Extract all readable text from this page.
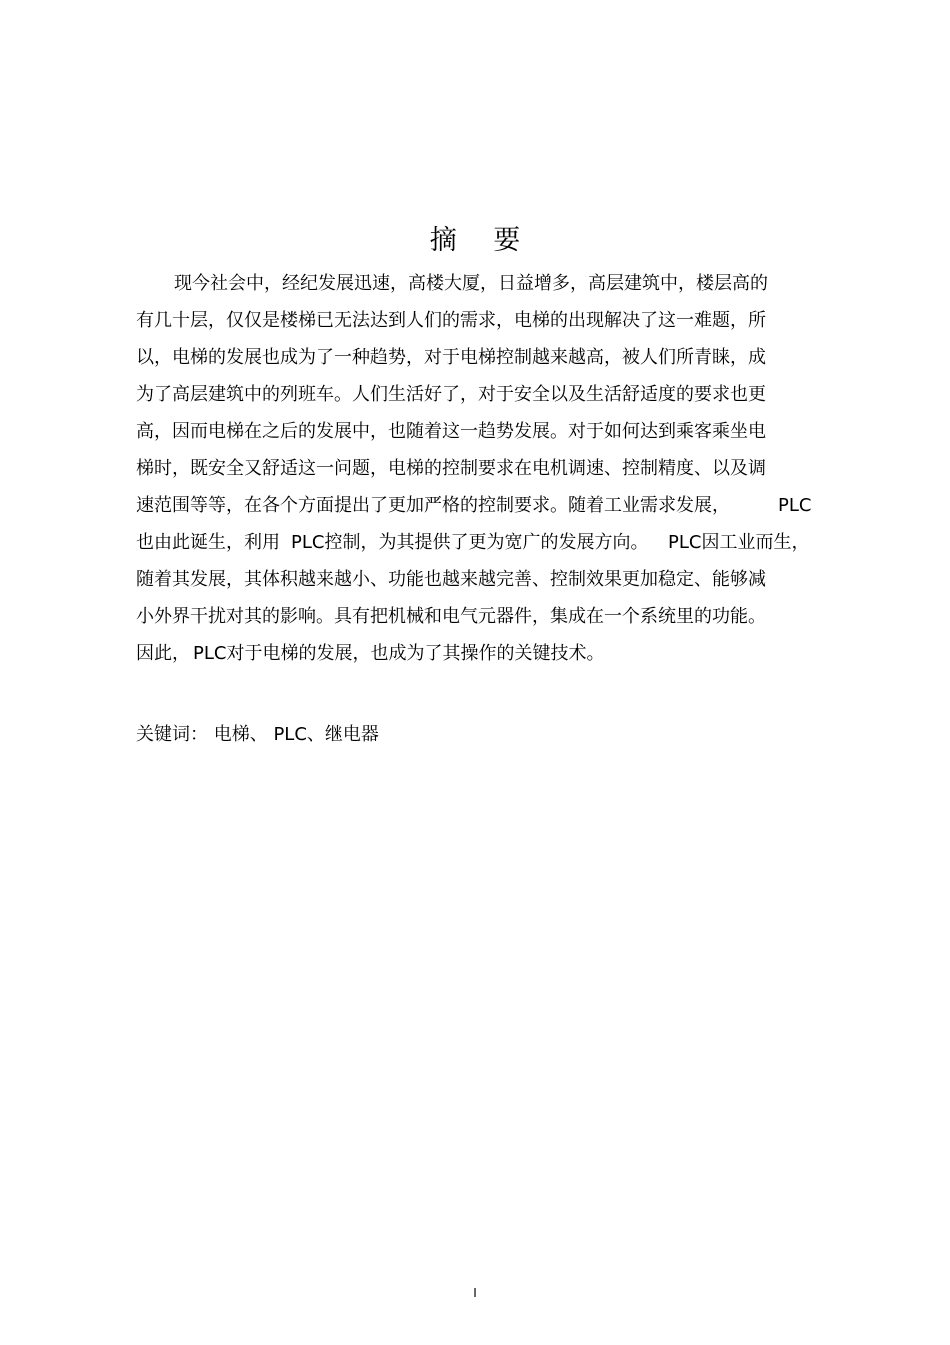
摘 要
现今社会中，经纪发展迅速，高楼大厦，日益增多，高层建筑中，楼层高的
有几十层，仅仅是楼梯已无法达到人们的需求，电梯的出现解决了这一难题，所
以，电梯的发展也成为了一种趋势，对于电梯控制越来越高，被人们所青睐，成
为了高层建筑中的列班车。人们生活好了，对于安全以及生活舒适度的要求也更
高，因而电梯在之后的发展中，也随着这一趋势发展。对于如何达到乘客乘坐电
梯时，既安全又舒适这一问题，电梯的控制要求在电机调速、控制精度、以及调
速范围等等，在各个方面提出了更加严格的控制要求。随着工业需求发展，	PLC
也由此诞生，利用 PLC控制，为其提供了更为宽广的发展方向。 PLC因工业而生，
随着其发展，其体积越来越小、功能也越来越完善、控制效果更加稳定、能够减
小外界干扰对其的影响。具有把机械和电气元器件，集成在一个系统里的功能。
因此， PLC对于电梯的发展，也成为了其操作的关键技术。
关键词： 电梯、 PLC、继电器
I
